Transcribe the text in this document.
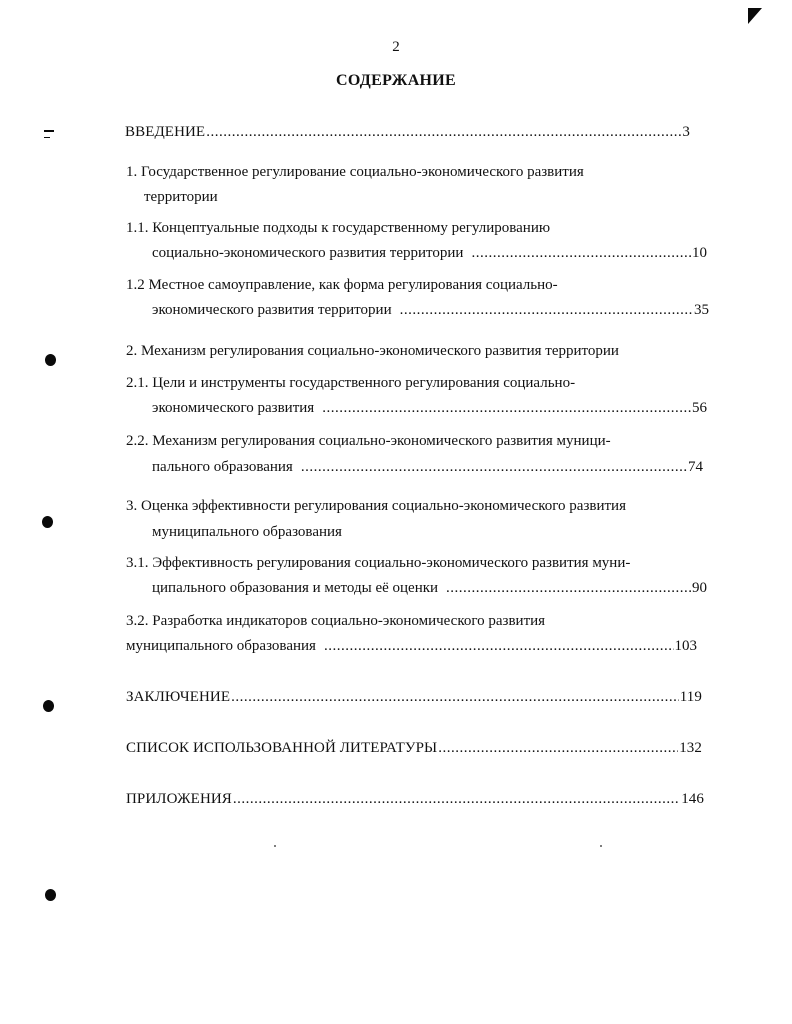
2
СОДЕРЖАНИЕ
ВВЕДЕНИЕ .....	3
1. Государственное регулирование социально-экономического развития
территории
1.1. Концептуальные подходы к государственному регулированию
социально-экономического развития территории .....	10
1.2 Местное самоуправление, как форма регулирования социально-
экономического развития территории .....	35
2. Механизм регулирования социально-экономического развития территории
2.1. Цели и инструменты государственного регулирования социально-
экономического развития .....	56
2.2. Механизм регулирования социально-экономического развития муници-
пального образования .....	74
3. Оценка эффективности регулирования социально-экономического развития
муниципального образования
3.1. Эффективность регулирования социально-экономического развития муни-
ципального образования и методы её оценки .....	90
3.2. Разработка индикаторов социально-экономического развития
муниципального образования .....	103
ЗАКЛЮЧЕНИЕ .....	119
СПИСОК ИСПОЛЬЗОВАННОЙ ЛИТЕРАТУРЫ .....	132
ПРИЛОЖЕНИЯ .....	146
